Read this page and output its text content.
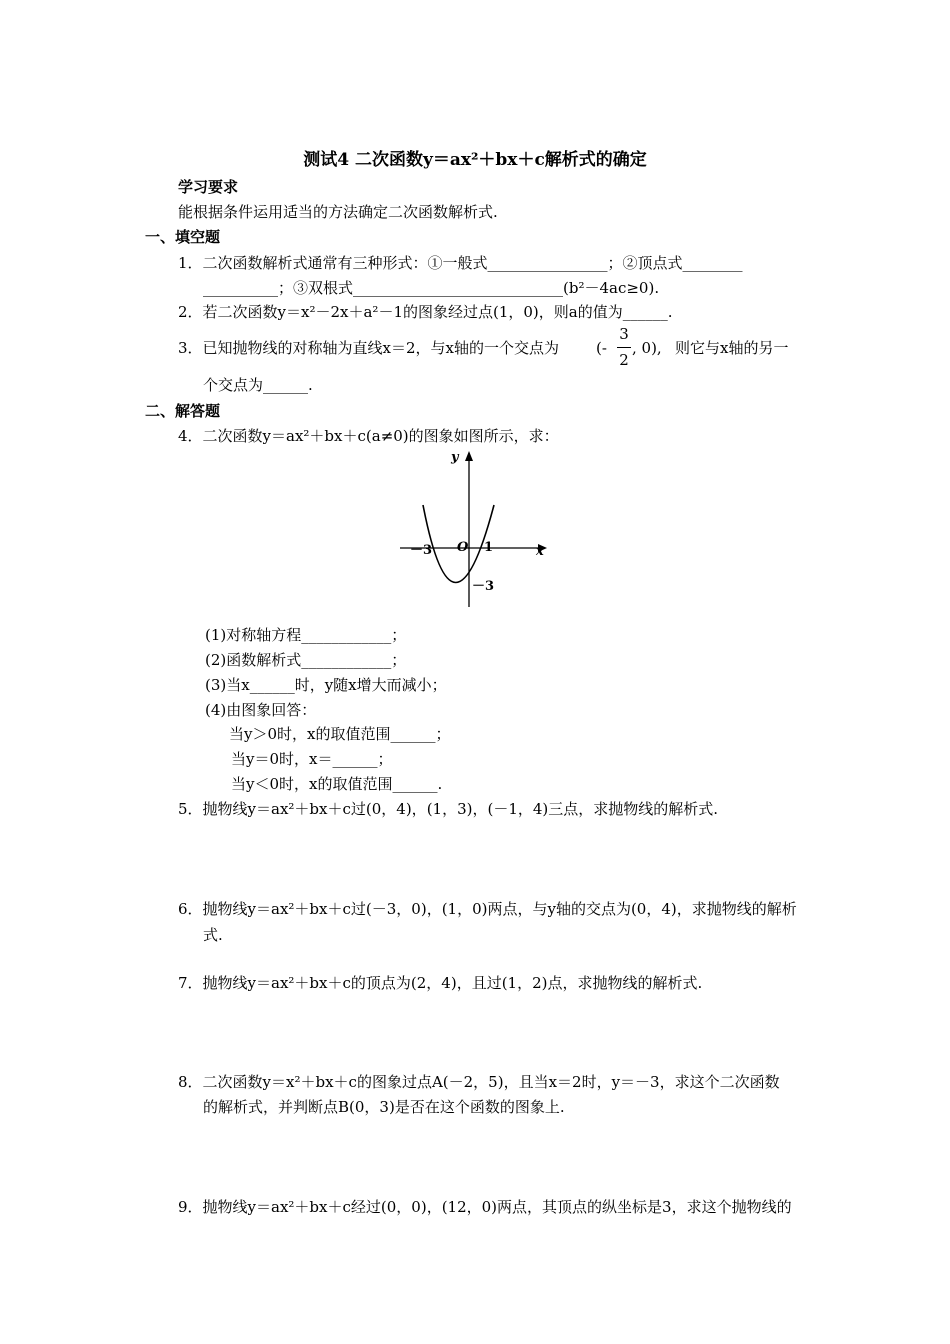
测试4 二次函数y＝ax²＋bx＋c解析式的确定
学习要求
能根据条件运用适当的方法确定二次函数解析式.
一、填空题
1．二次函数解析式通常有三种形式：①一般式________________；②顶点式________
__________；③双根式____________________________(b²－4ac≥0).
2．若二次函数y＝x²－2x＋a²－1的图象经过点(1，0)，则a的值为______.
3．已知抛物线的对称轴为直线x＝2，与x轴的一个交点为 (-
3
2
, 0), 则它与x轴的另一
个交点为______.
二、解答题
4．二次函数y＝ax²＋bx＋c(a≠0)的图象如图所示，求：
y
x
O
－3	1
－3
(1)对称轴方程____________；
(2)函数解析式____________；
(3)当x______时，y随x增大而减小；
(4)由图象回答：
当y＞0时，x的取值范围______；
当y＝0时，x＝______；
当y＜0时，x的取值范围______.
5．抛物线y＝ax²＋bx＋c过(0，4)，(1，3)，(－1，4)三点，求抛物线的解析式.
6．抛物线y＝ax²＋bx＋c过(－3，0)，(1，0)两点，与y轴的交点为(0，4)，求抛物线的解析
式.
7．抛物线y＝ax²＋bx＋c的顶点为(2，4)，且过(1，2)点，求抛物线的解析式.
8．二次函数y＝x²＋bx＋c的图象过点A(－2，5)，且当x＝2时，y＝－3，求这个二次函数
的解析式，并判断点B(0，3)是否在这个函数的图象上.
9．抛物线y＝ax²＋bx＋c经过(0，0)，(12，0)两点，其顶点的纵坐标是3，求这个抛物线的
